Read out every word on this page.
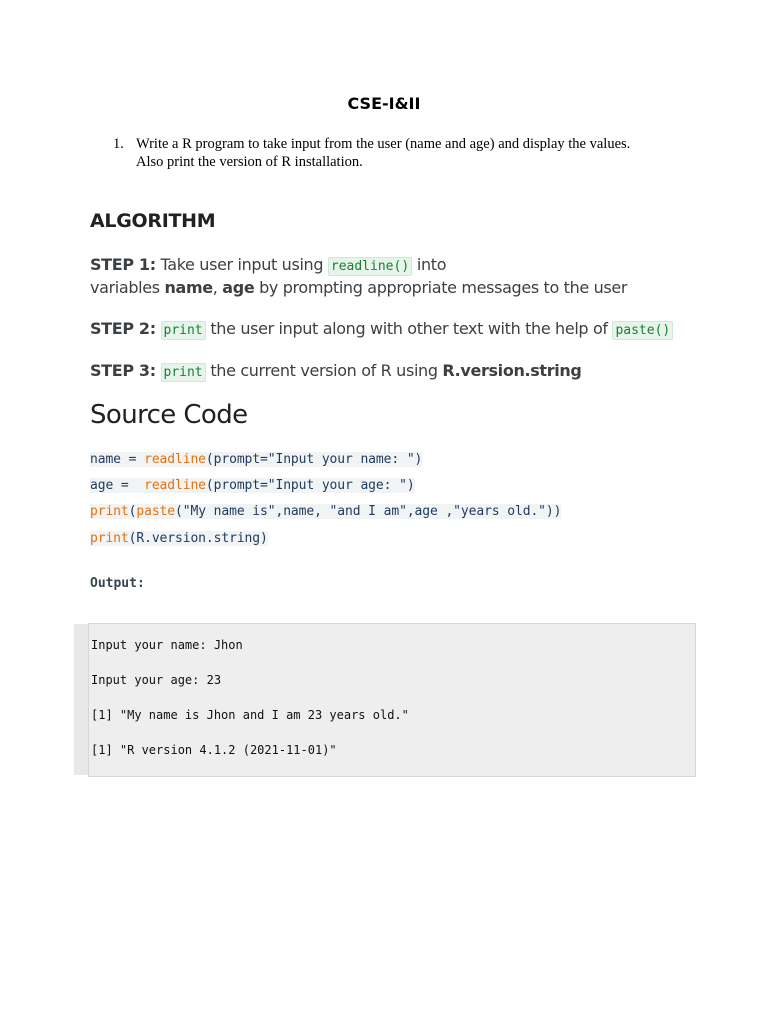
CSE-I&II
1. Write a R program to take input from the user (name and age) and display the values.
Also print the version of R installation.
ALGORITHM
STEP 1: Take user input using readline() into
variables name, age by prompting appropriate messages to the user
STEP 2: print the user input along with other text with the help of paste()
STEP 3: print the current version of R using R.version.string
Source Code
name = readline(prompt="Input your name: ")
age =  readline(prompt="Input your age: ")
print(paste("My name is",name, "and I am",age ,"years old."))
print(R.version.string)
Output:
Input your name: Jhon
Input your age: 23
[1] "My name is Jhon and I am 23 years old."
[1] "R version 4.1.2 (2021-11-01)"
